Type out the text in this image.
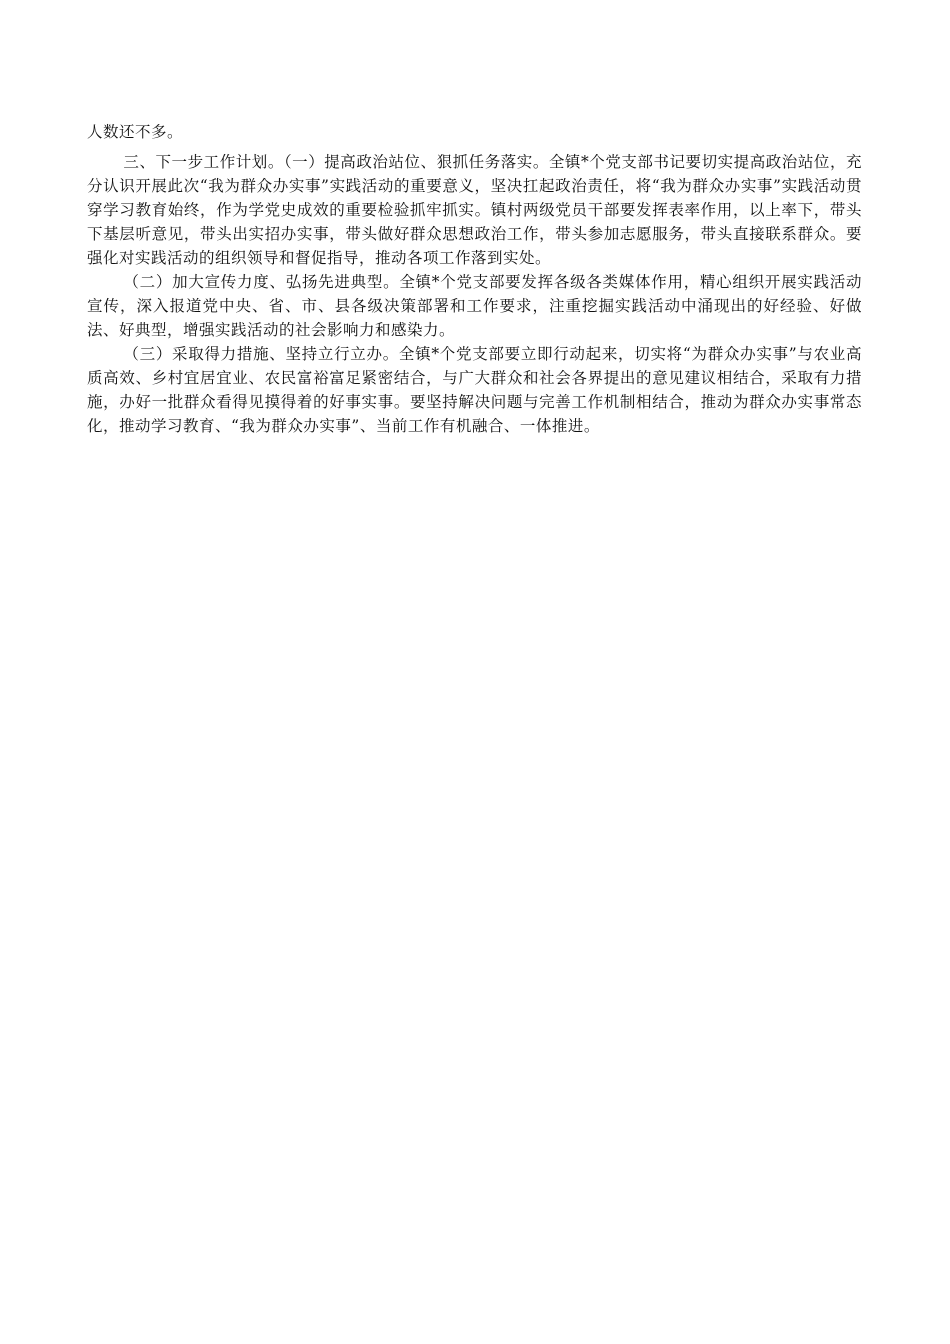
人数还不多。

三、下一步工作计划。（一）提高政治站位、狠抓任务落实。全镇*个党支部书记要切实提高政治站位，充分认识开展此次“我为群众办实事”实践活动的重要意义，坚决扛起政治责任，将“我为群众办实事”实践活动贯穿学习教育始终，作为学党史成效的重要检验抓牢抓实。镇村两级党员干部要发挥表率作用，以上率下，带头下基层听意见，带头出实招办实事，带头做好群众思想政治工作，带头参加志愿服务，带头直接联系群众。要强化对实践活动的组织领导和督促指导，推动各项工作落到实处。

（二）加大宣传力度、弘扬先进典型。全镇*个党支部要发挥各级各类媒体作用，精心组织开展实践活动宣传，深入报道党中央、省、市、县各级决策部署和工作要求，注重挖掘实践活动中涌现出的好经验、好做法、好典型，增强实践活动的社会影响力和感染力。

（三）采取得力措施、坚持立行立办。全镇*个党支部要立即行动起来，切实将“为群众办实事”与农业高质高效、乡村宜居宜业、农民富裕富足紧密结合，与广大群众和社会各界提出的意见建议相结合，采取有力措施，办好一批群众看得见摸得着的好事实事。要坚持解决问题与完善工作机制相结合，推动为群众办实事常态化，推动学习教育、“我为群众办实事”、当前工作有机融合、一体推进。
